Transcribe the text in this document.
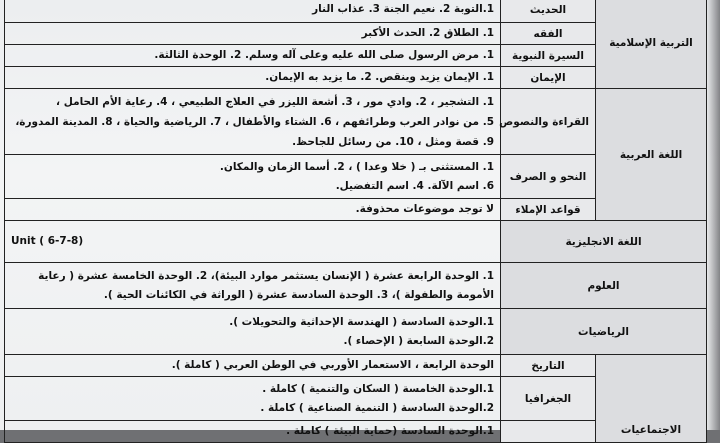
التربية الإسلامية	الحديث	1.التوبة 2. نعيم الجنة 3. عذاب النار

	الفقه	1. الطلاق 2. الحدث الأكبر

	السيرة النبوية	1. مرض الرسول صلى الله عليه وعلى آله وسلم. 2. الوحدة الثالثة.

	الإيمان	1. الإيمان يزيد وينقص. 2. ما يزيد به الإيمان.

اللغة العربية	القراءة والنصوص	1. التشجير ، 2. وادي مور ، 3. أشعة الليزر في العلاج الطبيعي ، 4. رعاية الأم الحامل ،
5. من نوادر العرب وطرائفهم ، 6. الشتاء والأطفال ، 7. الرياضية والحياة ، 8. المدينة المدورة،
9. قصة ومثل ، 10. من رسائل للجاحظ.

	النحو و الصرف	1. المستثنى بـ ( خلا وعدا ) ، 2. أسما الزمان والمكان.
6. اسم الآلة. 4. اسم التفضيل.

	قواعد الإملاء	لا توجد موضوعات محذوفة.

اللغة الانجليزية		Unit ( 6-7-8)

العلوم		1. الوحدة الرابعة عشرة ( الإنسان يستثمر موارد البيئة)، 2. الوحدة الخامسة عشرة ( رعاية
الأمومة والطفولة )، 3. الوحدة السادسة عشرة ( الوراثة في الكائنات الحية ).

الرياضيات		1.الوحدة السادسة ( الهندسة الإحداثية والتحويلات ).
2.الوحدة السابعة ( الإحصاء ).

الاجتماعيات	التاريخ	الوحدة الرابعة ، الاستعمار الأوربي في الوطن العربي ( كاملة ).

	الجغرافيا	1.الوحدة الخامسة ( السكان والتنمية ) كاملة .
2.الوحدة السادسة ( التنمية الصناعية ) كاملة .

		1.الوحدة السادسة (حماية البيئة ) كاملة .
